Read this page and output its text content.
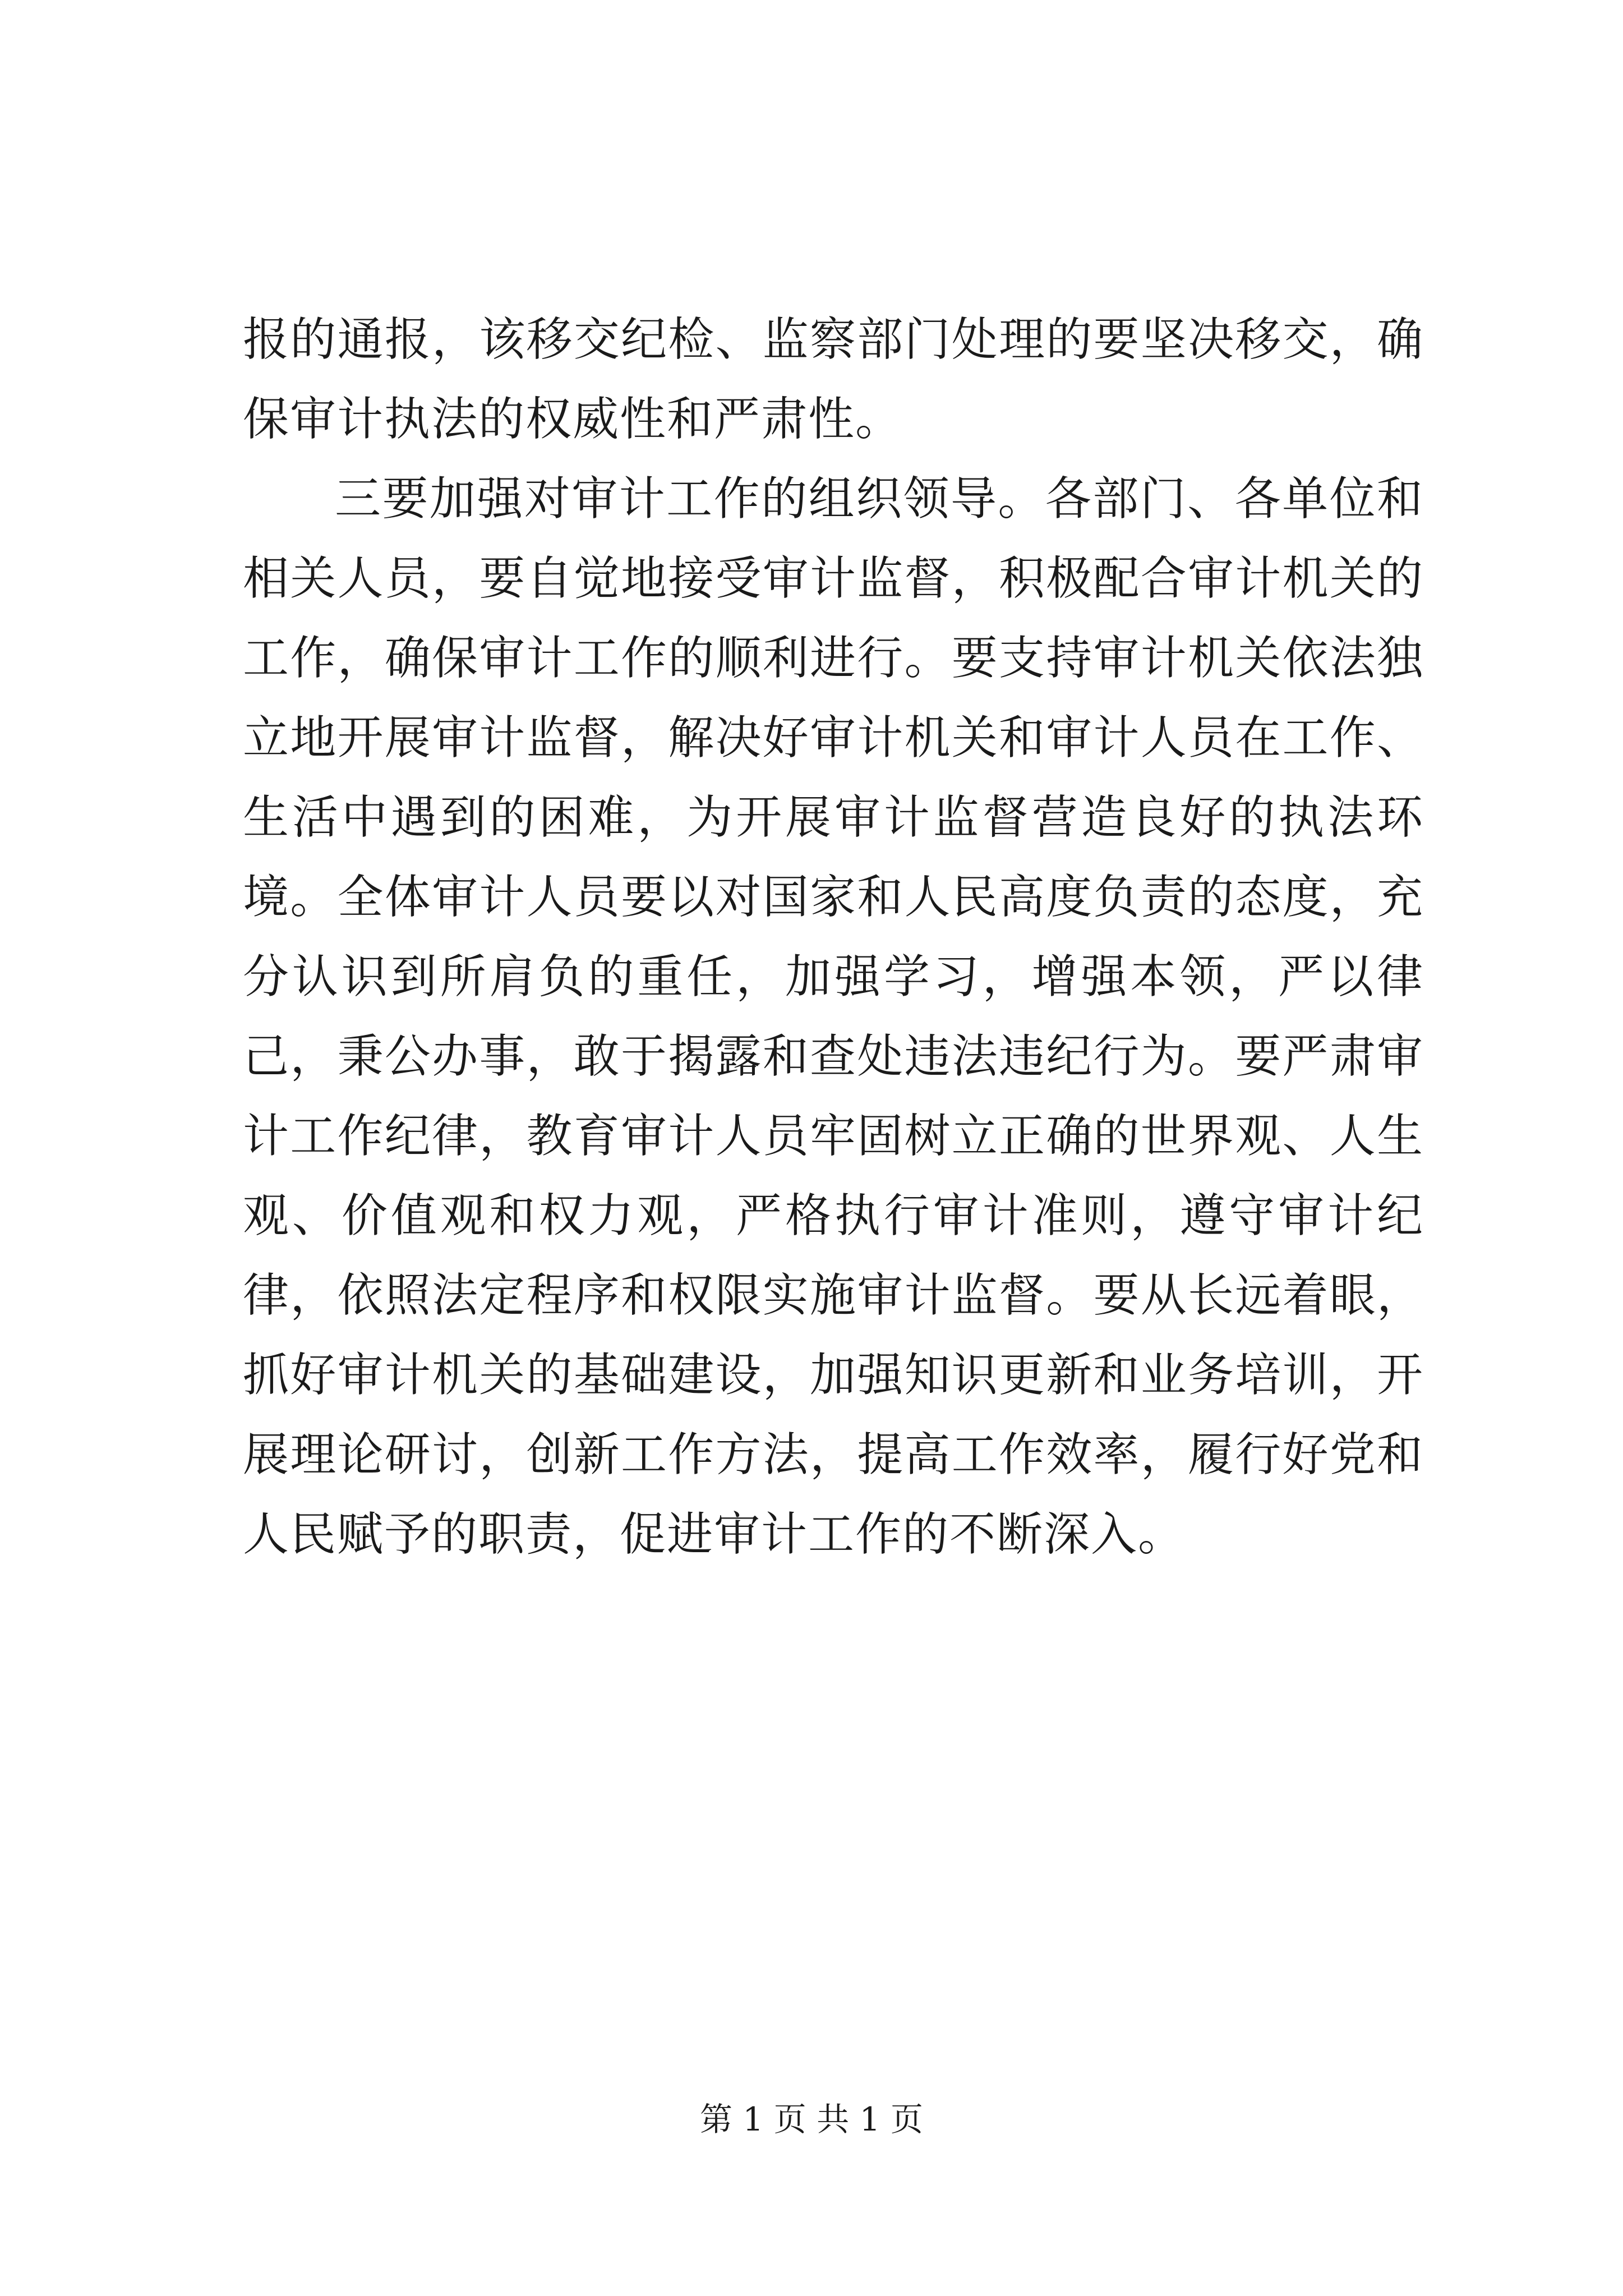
报的通报，该移交纪检、监察部门处理的要坚决移交，确保审计执法的权威性和严肃性。

三要加强对审计工作的组织领导。各部门、各单位和相关人员，要自觉地接受审计监督，积极配合审计机关的工作，确保审计工作的顺利进行。要支持审计机关依法独立地开展审计监督，解决好审计机关和审计人员在工作、生活中遇到的困难，为开展审计监督营造良好的执法环境。全体审计人员要以对国家和人民高度负责的态度，充分认识到所肩负的重任，加强学习，增强本领，严以律己，秉公办事，敢于揭露和查处违法违纪行为。要严肃审计工作纪律，教育审计人员牢固树立正确的世界观、人生观、价值观和权力观，严格执行审计准则，遵守审计纪律，依照法定程序和权限实施审计监督。要从长远着眼，抓好审计机关的基础建设，加强知识更新和业务培训，开展理论研讨，创新工作方法，提高工作效率，履行好党和人民赋予的职责，促进审计工作的不断深入。

第 1 页 共 1 页
